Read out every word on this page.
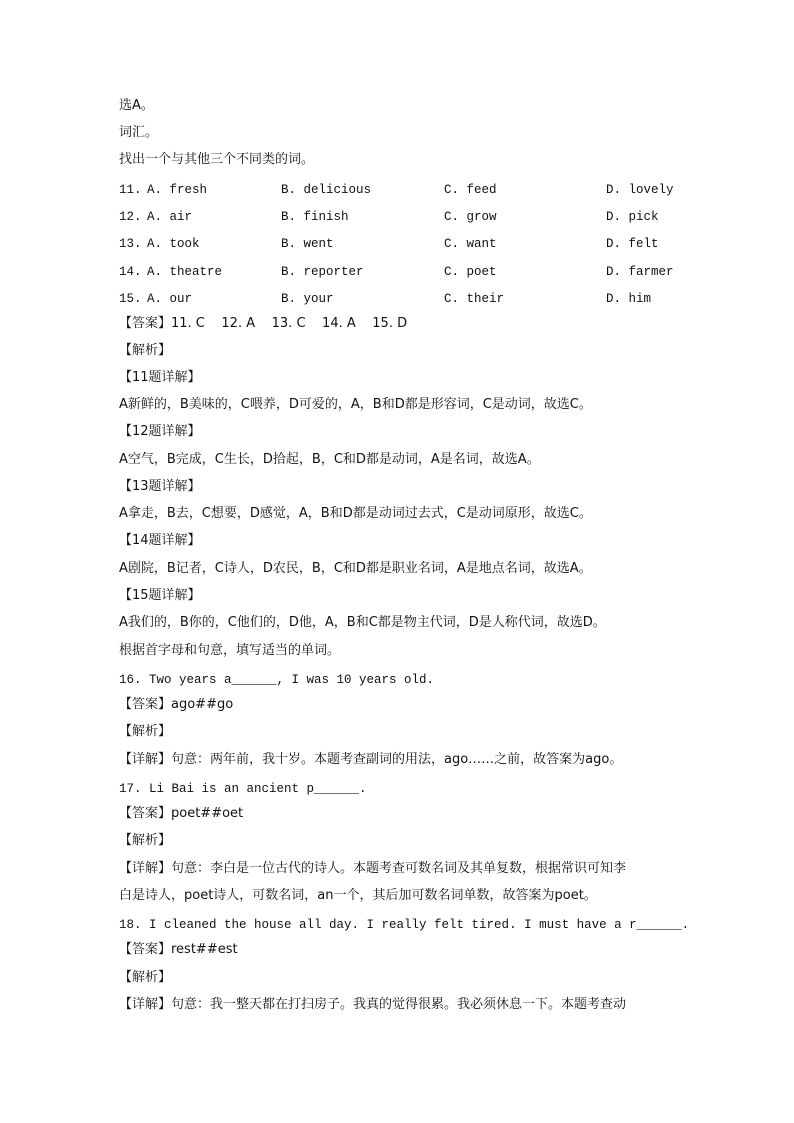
选A。
词汇。
找出一个与其他三个不同类的词。
11. A. fresh	B. delicious	C. feed	D. lovely
12. A. air	B. finish	C. grow	D. pick
13. A. took	B. went	C. want	D. felt
14. A. theatre	B. reporter	C. poet	D. farmer
15. A. our	B. your	C. their	D. him
【答案】11. C    12. A    13. C    14. A    15. D
【解析】
【11题详解】
A新鲜的，B美味的，C喂养，D可爱的，A，B和D都是形容词，C是动词，故选C。
【12题详解】
A空气，B完成，C生长，D拾起，B，C和D都是动词，A是名词，故选A。
【13题详解】
A拿走，B去，C想要，D感觉，A，B和D都是动词过去式，C是动词原形，故选C。
【14题详解】
A剧院，B记者，C诗人，D农民，B，C和D都是职业名词，A是地点名词，故选A。
【15题详解】
A我们的，B你的，C他们的，D他，A，B和C都是物主代词，D是人称代词，故选D。
根据首字母和句意，填写适当的单词。
16. Two years a______, I was 10 years old.
【答案】ago##go
【解析】
【详解】句意：两年前，我十岁。本题考查副词的用法，ago……之前，故答案为ago。
17. Li Bai is an ancient p______.
【答案】poet##oet
【解析】
【详解】句意：李白是一位古代的诗人。本题考查可数名词及其单复数，根据常识可知李
白是诗人，poet诗人，可数名词，an一个，其后加可数名词单数，故答案为poet。
18. I cleaned the house all day. I really felt tired. I must have a r______.
【答案】rest##est
【解析】
【详解】句意：我一整天都在打扫房子。我真的觉得很累。我必须休息一下。本题考查动
